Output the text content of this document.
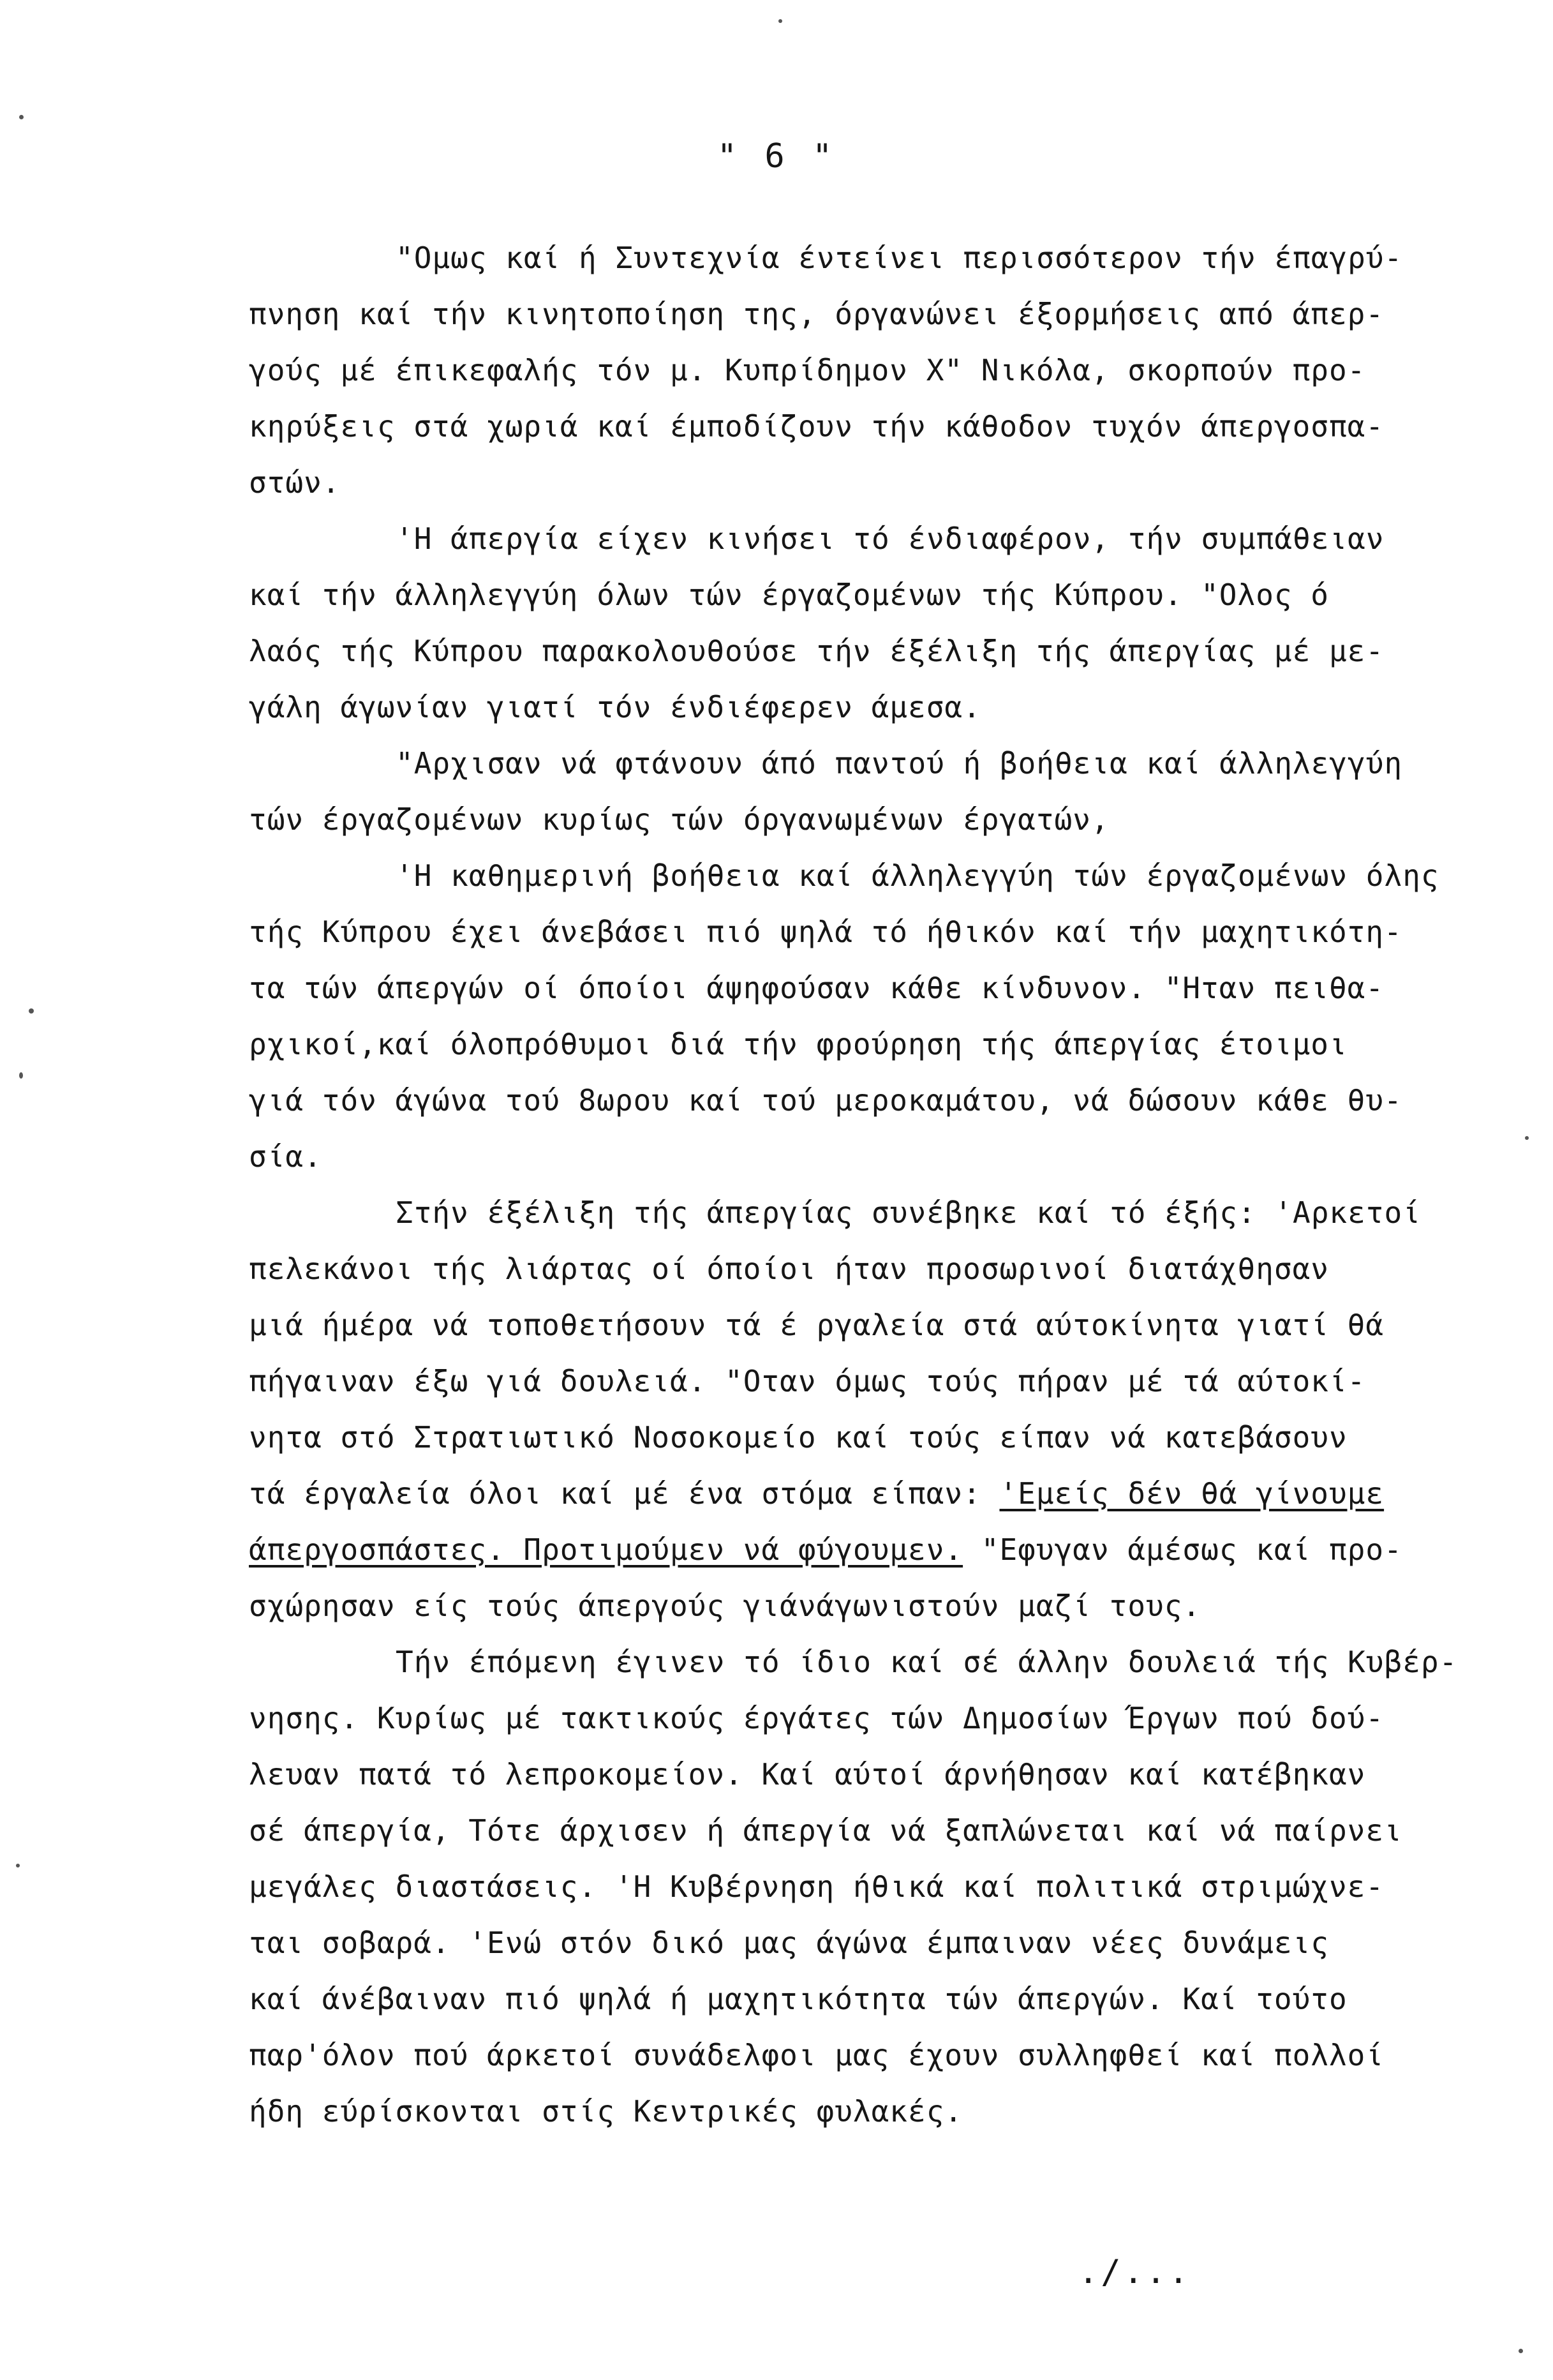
" 6 "
"Ομως καί ή Συντεχνία έντείνει περισσότερον τήν έπαγρύ-
πνηση καί τήν κινητοποίηση της, όργανώνει έξορμήσεις από άπερ-
γούς μέ έπικεφαλής τόν μ. Κυπρίδημον Χ" Νικόλα, σκορπούν προ-
κηρύξεις στά χωριά καί έμποδίζουν τήν κάθοδον τυχόν άπεργοσπα-
στών.
'Η άπεργία είχεν κινήσει τό ένδιαφέρον, τήν συμπάθειαν
καί τήν άλληλεγγύη όλων τών έργαζομένων τής Κύπρου. "Ολος ό
λαός τής Κύπρου παρακολουθούσε τήν έξέλιξη τής άπεργίας μέ με-
γάλη άγωνίαν γιατί τόν ένδιέφερεν άμεσα.
"Αρχισαν νά φτάνουν άπό παντού ή βοήθεια καί άλληλεγγύη
τών έργαζομένων κυρίως τών όργανωμένων έργατών,
'Η καθημερινή βοήθεια καί άλληλεγγύη τών έργαζομένων όλης
τής Κύπρου έχει άνεβάσει πιό ψηλά τό ήθικόν καί τήν μαχητικότη-
τα τών άπεργών οί όποίοι άψηφούσαν κάθε κίνδυνον. "Ηταν πειθα-
ρχικοί,καί όλοπρόθυμοι διά τήν φρούρηση τής άπεργίας έτοιμοι
γιά τόν άγώνα τού 8ωρου καί τού μεροκαμάτου, νά δώσουν κάθε θυ-
σία.
Στήν έξέλιξη τής άπεργίας συνέβηκε καί τό έξής: 'Αρκετοί
πελεκάνοι τής λιάρτας οί όποίοι ήταν προσωρινοί διατάχθησαν
μιά ήμέρα νά τοποθετήσουν τά έ ργαλεία στά αύτοκίνητα γιατί θά
πήγαιναν έξω γιά δουλειά. "Οταν όμως τούς πήραν μέ τά αύτοκί-
νητα στό Στρατιωτικό Νοσοκομείο καί τούς είπαν νά κατεβάσουν
τά έργαλεία όλοι καί μέ ένα στόμα είπαν: 'Εμείς δέν θά γίνουμε
άπεργοσπάστες. Προτιμούμεν νά φύγουμεν. "Εφυγαν άμέσως καί προ-
σχώρησαν είς τούς άπεργούς γιάνάγωνιστούν μαζί τους.
Τήν έπόμενη έγινεν τό ίδιο καί σέ άλλην δουλειά τής Κυβέρ-
νησης. Κυρίως μέ τακτικούς έργάτες τών Δημοσίων Έργων πού δού-
λευαν πατά τό λεπροκομείον. Καί αύτοί άρνήθησαν καί κατέβηκαν
σέ άπεργία, Τότε άρχισεν ή άπεργία νά ξαπλώνεται καί νά παίρνει
μεγάλες διαστάσεις. 'Η Κυβέρνηση ήθικά καί πολιτικά στριμώχνε-
ται σοβαρά. 'Ενώ στόν δικό μας άγώνα έμπαιναν νέες δυνάμεις
καί άνέβαιναν πιό ψηλά ή μαχητικότητα τών άπεργών. Καί τούτο
παρ'όλον πού άρκετοί συνάδελφοι μας έχουν συλληφθεί καί πολλοί
ήδη εύρίσκονται στίς Κεντρικές φυλακές.
./...
